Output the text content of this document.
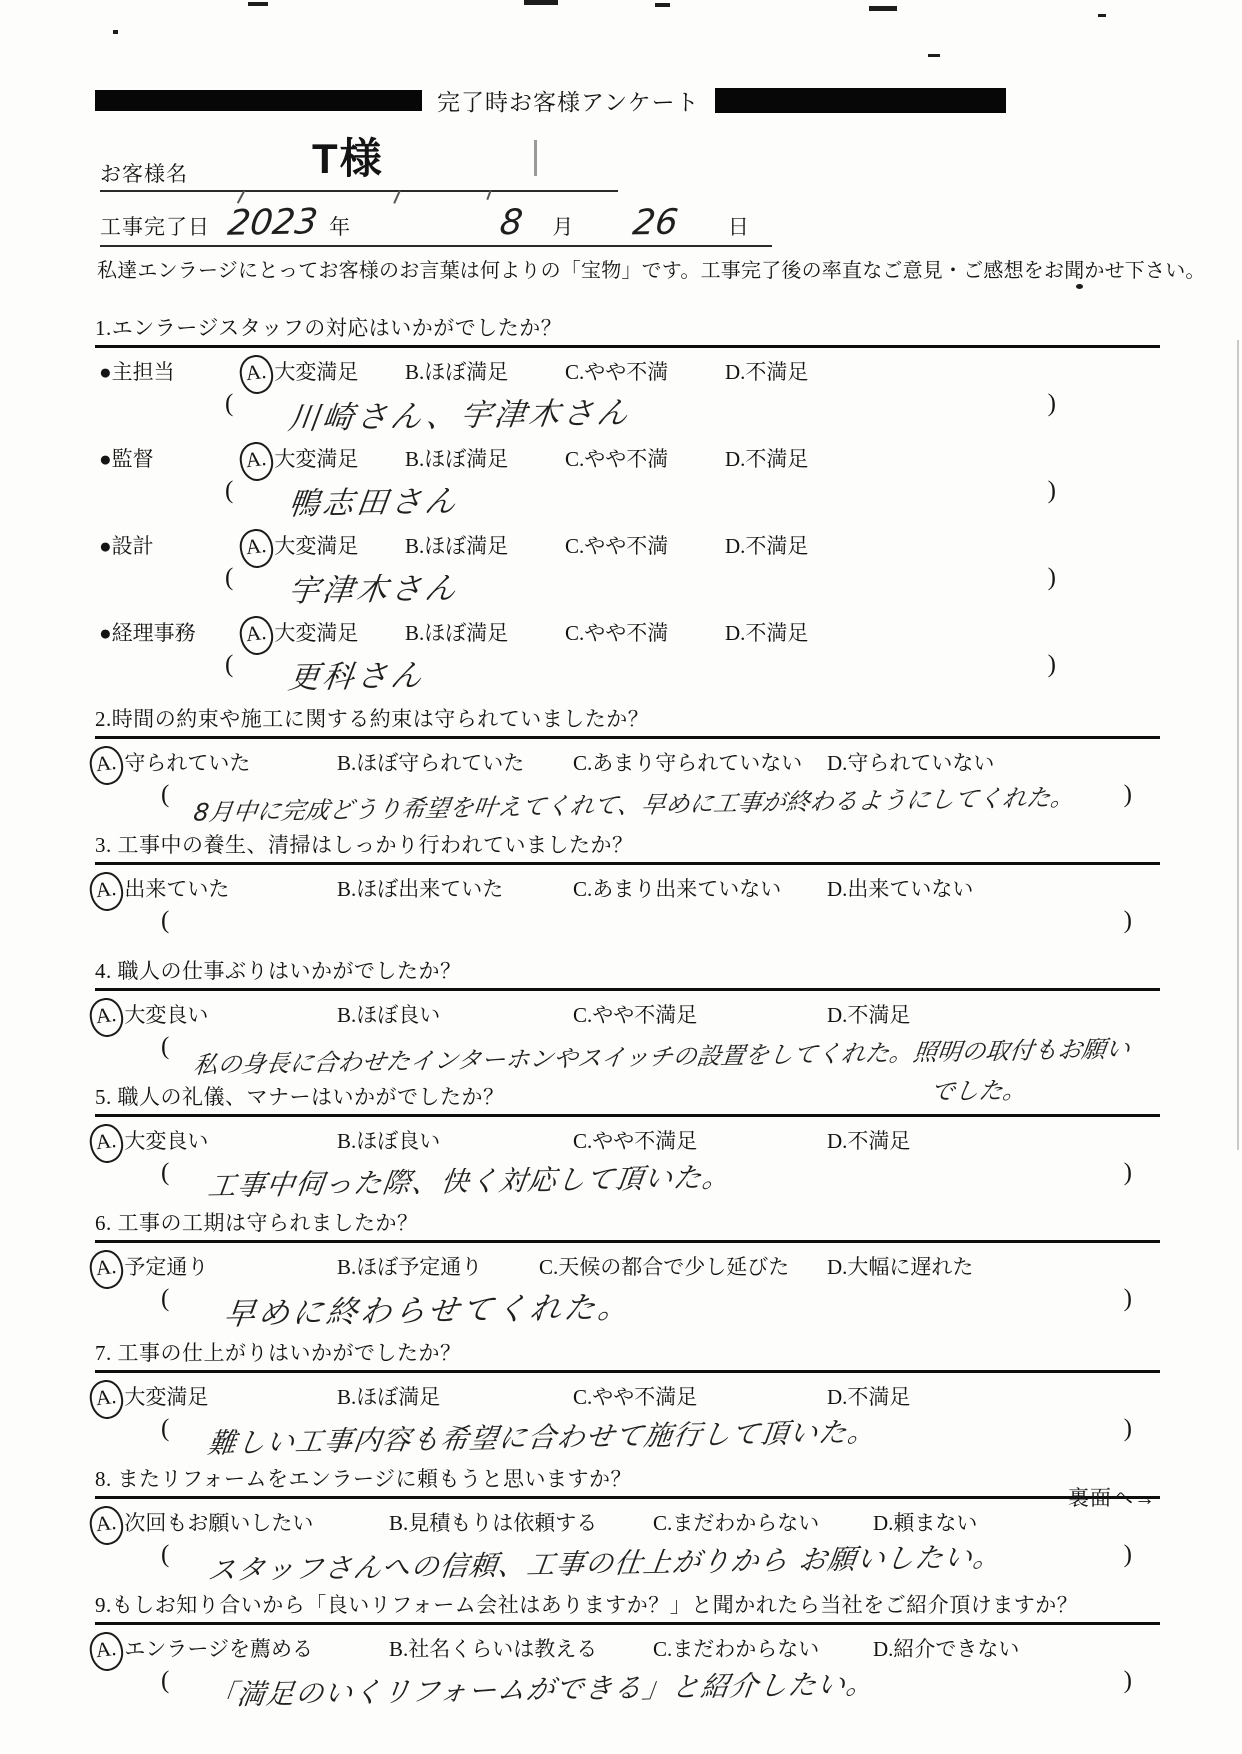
完了時お客様アンケート
お客様名	T様
工事完了日 2023 年	8 月 26 日
私達エンラージにとってお客様のお言葉は何よりの「宝物」です。工事完了後の率直なご意見・ご感想をお聞かせ下さい。
1.エンラージスタッフの対応はいかがでしたか？
●主担当	A. 大変満足	B.ほぼ満足	C.やや不満	D.不満足
( 川崎さん、宇津木さん	)
●監督	A. 大変満足	B.ほぼ満足	C.やや不満	D.不満足
( 鴨志田さん	)
●設計	A. 大変満足	B.ほぼ満足	C.やや不満	D.不満足
( 宇津木さん	)
●経理事務	A. 大変満足	B.ほぼ満足	C.やや不満	D.不満足
( 更科さん	)
2.時間の約束や施工に関する約束は守られていましたか？
A. 守られていた	B.ほぼ守られていた	C.あまり守られていない	D.守られていない
( 8月中に完成どうり希望を叶えてくれて、早めに工事が終わるようにしてくれた。 )
3. 工事中の養生、清掃はしっかり行われていましたか？
A. 出来ていた	B.ほぼ出来ていた	C.あまり出来ていない	D.出来ていない
(	)
4. 職人の仕事ぶりはいかがでしたか？
A. 大変良い	B.ほぼ良い	C.やや不満足	D.不満足
( 私の身長に合わせたインターホンやスイッチの設置をしてくれた。照明の取付もお願い
でした。
5. 職人の礼儀、マナーはいかがでしたか？
A. 大変良い	B.ほぼ良い	C.やや不満足	D.不満足
( 工事中伺った際、快く対応して頂いた。	)
6. 工事の工期は守られましたか？
A. 予定通り	B.ほぼ予定通り	C.天候の都合で少し延びた	D.大幅に遅れた
( 早めに終わらせてくれた。	)
7. 工事の仕上がりはいかがでしたか？
A. 大変満足	B.ほぼ満足	C.やや不満足	D.不満足
( 難しい工事内容も希望に合わせて施行して頂いた。	)
8. またリフォームをエンラージに頼もうと思いますか？
A. 次回もお願いしたい	B.見積もりは依頼する	C.まだわからない	D.頼まない
( スタッフさんへの信頼、工事の仕上がりから お願いしたい。	)
9.もしお知り合いから「良いリフォーム会社はありますか？」と聞かれたら当社をご紹介頂けますか？
A. エンラージを薦める	B.社名くらいは教える	C.まだわからない	D.紹介できない
( 「満足のいくリフォームができる」と紹介したい。	)
裏面へ→
